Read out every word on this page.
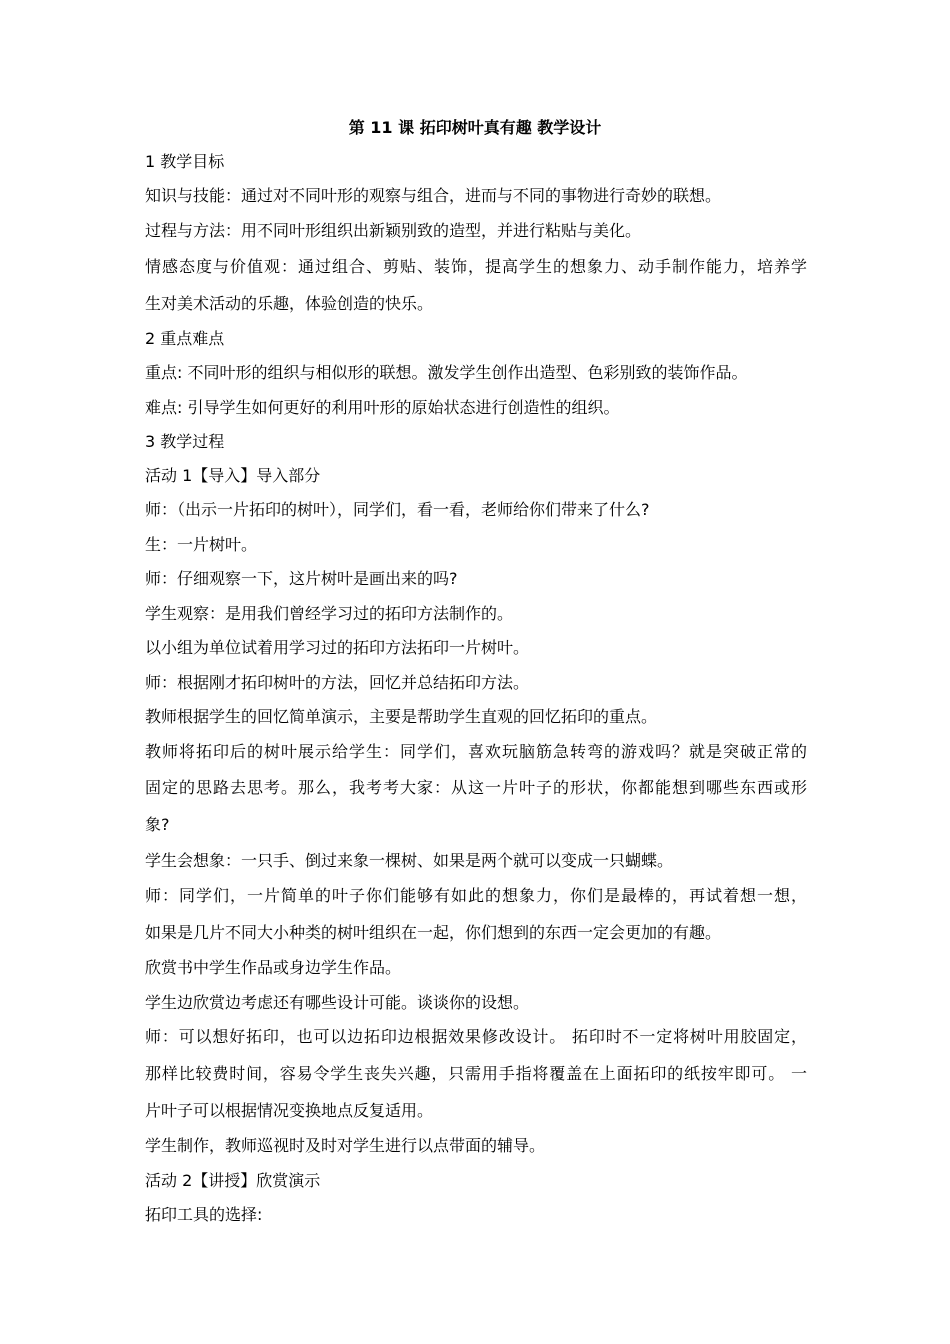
第 11 课 拓印树叶真有趣 教学设计
1 教学目标
知识与技能：通过对不同叶形的观察与组合，进而与不同的事物进行奇妙的联想。
过程与方法：用不同叶形组织出新颖别致的造型，并进行粘贴与美化。
情感态度与价值观：通过组合、剪贴、装饰，提高学生的想象力、动手制作能力，培养学
生对美术活动的乐趣，体验创造的快乐。
2 重点难点
重点: 不同叶形的组织与相似形的联想。激发学生创作出造型、色彩别致的装饰作品。
难点: 引导学生如何更好的利用叶形的原始状态进行创造性的组织。
3 教学过程
活动 1【导入】导入部分
师：（出示一片拓印的树叶），同学们，看一看，老师给你们带来了什么?
生：一片树叶。
师：仔细观察一下，这片树叶是画出来的吗?
学生观察：是用我们曾经学习过的拓印方法制作的。
以小组为单位试着用学习过的拓印方法拓印一片树叶。
师：根据刚才拓印树叶的方法，回忆并总结拓印方法。
教师根据学生的回忆简单演示，主要是帮助学生直观的回忆拓印的重点。
教师将拓印后的树叶展示给学生：同学们，喜欢玩脑筋急转弯的游戏吗？就是突破正常的
固定的思路去思考。那么，我考考大家：从这一片叶子的形状，你都能想到哪些东西或形
象?
学生会想象：一只手、倒过来象一棵树、如果是两个就可以变成一只蝴蝶。
师：同学们，一片简单的叶子你们能够有如此的想象力，你们是最棒的，再试着想一想，
如果是几片不同大小种类的树叶组织在一起，你们想到的东西一定会更加的有趣。
欣赏书中学生作品或身边学生作品。
学生边欣赏边考虑还有哪些设计可能。谈谈你的设想。
师：可以想好拓印，也可以边拓印边根据效果修改设计。 拓印时不一定将树叶用胶固定，
那样比较费时间，容易令学生丧失兴趣，只需用手指将覆盖在上面拓印的纸按牢即可。 一
片叶子可以根据情况变换地点反复适用。
学生制作，教师巡视时及时对学生进行以点带面的辅导。
活动 2【讲授】欣赏演示
拓印工具的选择:
